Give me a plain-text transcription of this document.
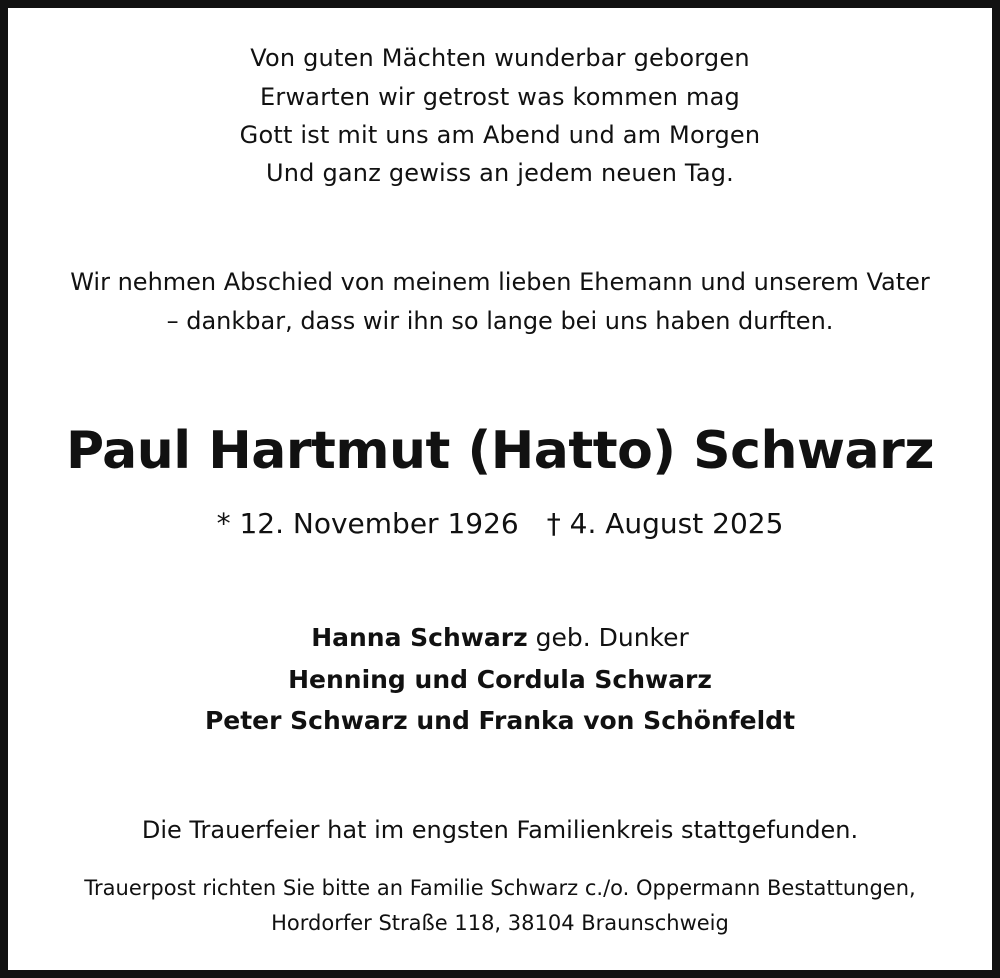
Von guten Mächten wunderbar geborgen
Erwarten wir getrost was kommen mag
Gott ist mit uns am Abend und am Morgen
Und ganz gewiss an jedem neuen Tag.
Wir nehmen Abschied von meinem lieben Ehemann und unserem Vater
– dankbar, dass wir ihn so lange bei uns haben durften.
Paul Hartmut (Hatto) Schwarz
* 12. November 1926 † 4. August 2025
Hanna Schwarz geb. Dunker
Henning und Cordula Schwarz
Peter Schwarz und Franka von Schönfeldt
Die Trauerfeier hat im engsten Familienkreis stattgefunden.
Trauerpost richten Sie bitte an Familie Schwarz c./o. Oppermann Bestattungen,
Hordorfer Straße 118, 38104 Braunschweig
